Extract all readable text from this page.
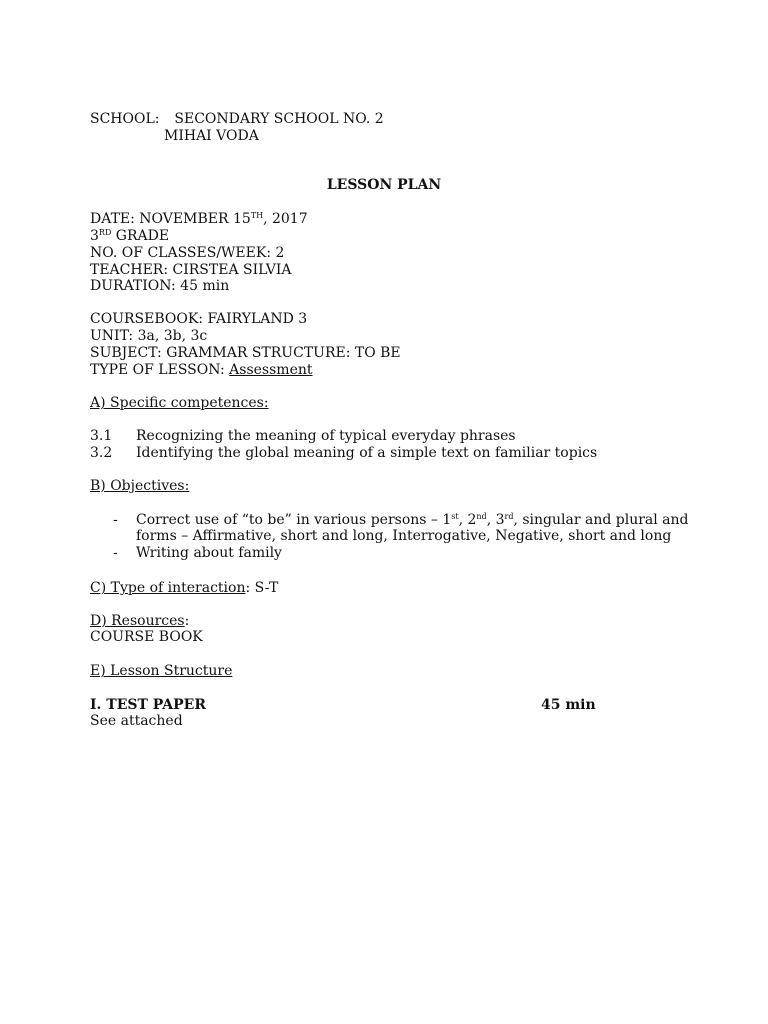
SCHOOL: SECONDARY SCHOOL NO. 2
MIHAI VODA
LESSON PLAN
DATE: NOVEMBER 15TH, 2017
3RD GRADE
NO. OF CLASSES/WEEK: 2
TEACHER: CIRSTEA SILVIA
DURATION: 45 min
COURSEBOOK: FAIRYLAND 3
UNIT: 3a, 3b, 3c
SUBJECT: GRAMMAR STRUCTURE: TO BE
TYPE OF LESSON: Assessment
A) Specific competences:
3.1 Recognizing the meaning of typical everyday phrases
3.2 Identifying the global meaning of a simple text on familiar topics
B) Objectives:
- Correct use of “to be” in various persons – 1st, 2nd, 3rd, singular and plural and
forms – Affirmative, short and long, Interrogative, Negative, short and long
- Writing about family
C) Type of interaction: S-T
D) Resources:
COURSE BOOK
E) Lesson Structure
I. TEST PAPER	45 min
See attached
